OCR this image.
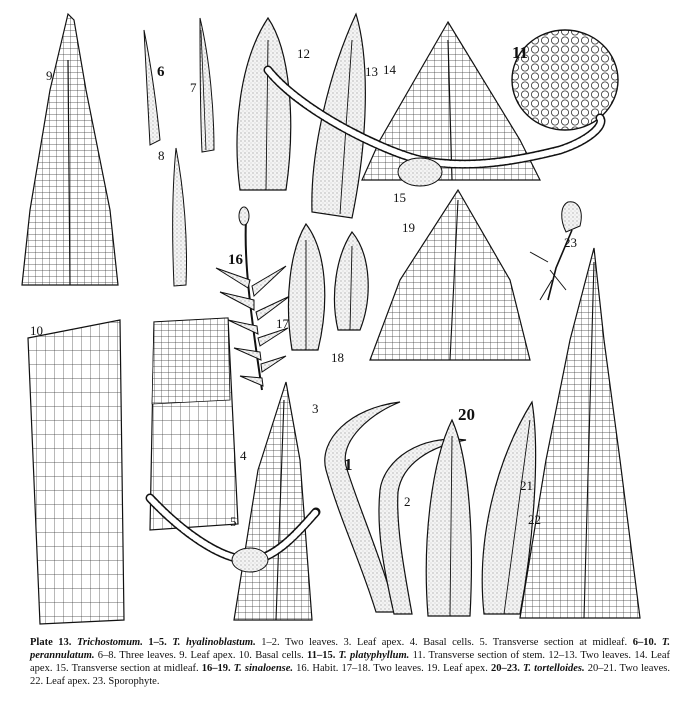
9	6
7
8
12
13 14
11
15
19
23
16
17
18
10
3
4
5
1
2
20
21
22
Plate 13. Trichostomum. 1–5. T. hyalinoblastum. 1–2. Two leaves. 3. Leaf apex. 4. Basal cells. 5. Transverse section at midleaf. 6–10. T. perannulatum. 6–8. Three leaves. 9. Leaf apex. 10. Basal cells. 11–15. T. platyphyllum. 11. Transverse section of stem. 12–13. Two leaves. 14. Leaf apex. 15. Transverse section at midleaf. 16–19. T. sinaloense. 16. Habit. 17–18. Two leaves. 19. Leaf apex. 20–23. T. tortelloides. 20–21. Two leaves. 22. Leaf apex. 23. Sporophyte.
